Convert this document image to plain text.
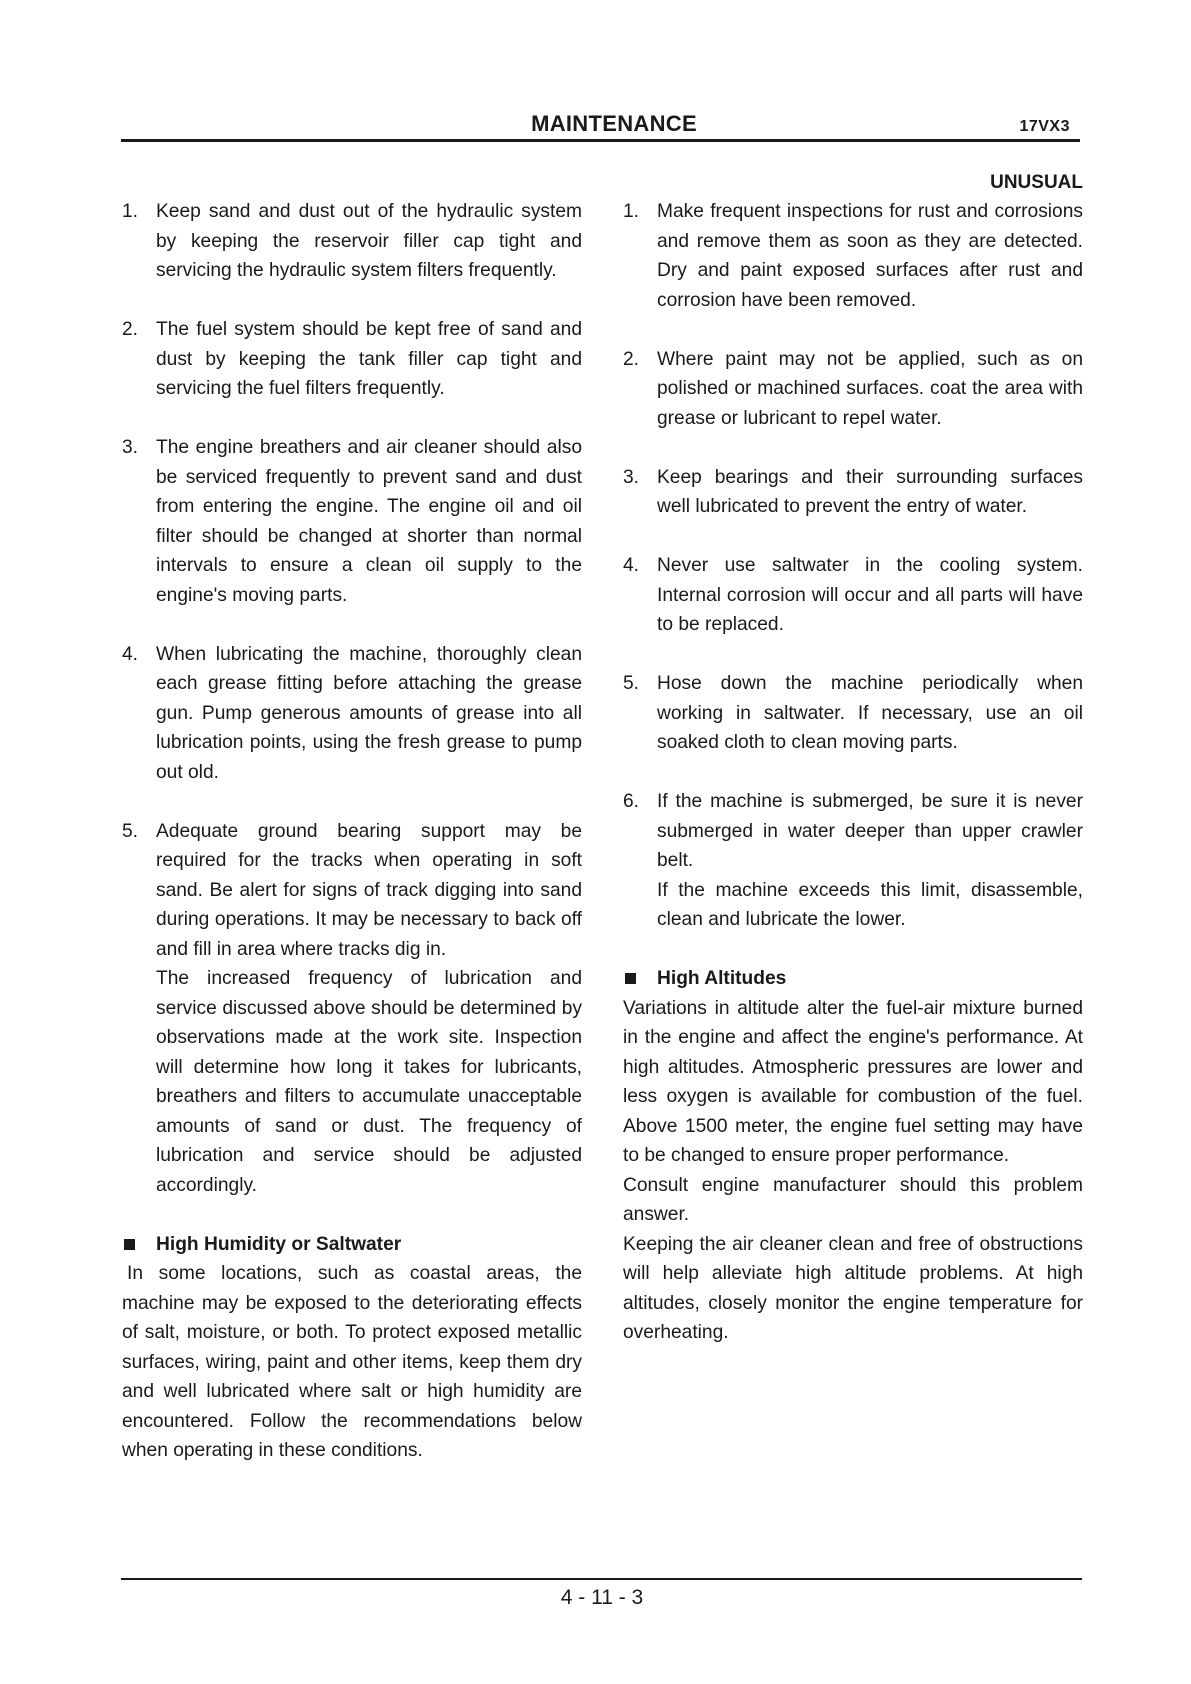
MAINTENANCE	17VX3
UNUSUAL
1. Keep sand and dust out of the hydraulic system by keeping the reservoir filler cap tight and servicing the hydraulic system filters frequently.
2. The fuel system should be kept free of sand and dust by keeping the tank filler cap tight and servicing the fuel filters frequently.
3. The engine breathers and air cleaner should also be serviced frequently to prevent sand and dust from entering the engine. The engine oil and oil filter should be changed at shorter than normal intervals to ensure a clean oil supply to the engine's moving parts.
4. When lubricating the machine, thoroughly clean each grease fitting before attaching the grease gun. Pump generous amounts of grease into all lubrication points, using the fresh grease to pump out old.
5. Adequate ground bearing support may be required for the tracks when operating in soft sand. Be alert for signs of track digging into sand during operations. It may be necessary to back off and fill in area where tracks dig in.
The increased frequency of lubrication and service discussed above should be determined by observations made at the work site. Inspection will determine how long it takes for lubricants, breathers and filters to accumulate unacceptable amounts of sand or dust. The frequency of lubrication and service should be adjusted accordingly.
High Humidity or Saltwater

In some locations, such as coastal areas, the machine may be exposed to the deteriorating effects of salt, moisture, or both. To protect exposed metallic surfaces, wiring, paint and other items, keep them dry and well lubricated where salt or high humidity are encountered. Follow the recommendations below when operating in these conditions.

1. Make frequent inspections for rust and corrosions and remove them as soon as they are detected. Dry and paint exposed surfaces after rust and corrosion have been removed.
2. Where paint may not be applied, such as on polished or machined surfaces. coat the area with grease or lubricant to repel water.
3. Keep bearings and their surrounding surfaces well lubricated to prevent the entry of water.
4. Never use saltwater in the cooling system. Internal corrosion will occur and all parts will have to be replaced.
5. Hose down the machine periodically when working in saltwater. If necessary, use an oil soaked cloth to clean moving parts.
6. If the machine is submerged, be sure it is never submerged in water deeper than upper crawler belt.
If the machine exceeds this limit, disassemble, clean and lubricate the lower.
High Altitudes

Variations in altitude alter the fuel-air mixture burned in the engine and affect the engine's performance. At high altitudes. Atmospheric pressures are lower and less oxygen is available for combustion of the fuel. Above 1500 meter, the engine fuel setting may have to be changed to ensure proper performance.

Consult engine manufacturer should this problem answer.

Keeping the air cleaner clean and free of obstructions will help alleviate high altitude problems. At high altitudes, closely monitor the engine temperature for overheating.

4 - 11 - 3
